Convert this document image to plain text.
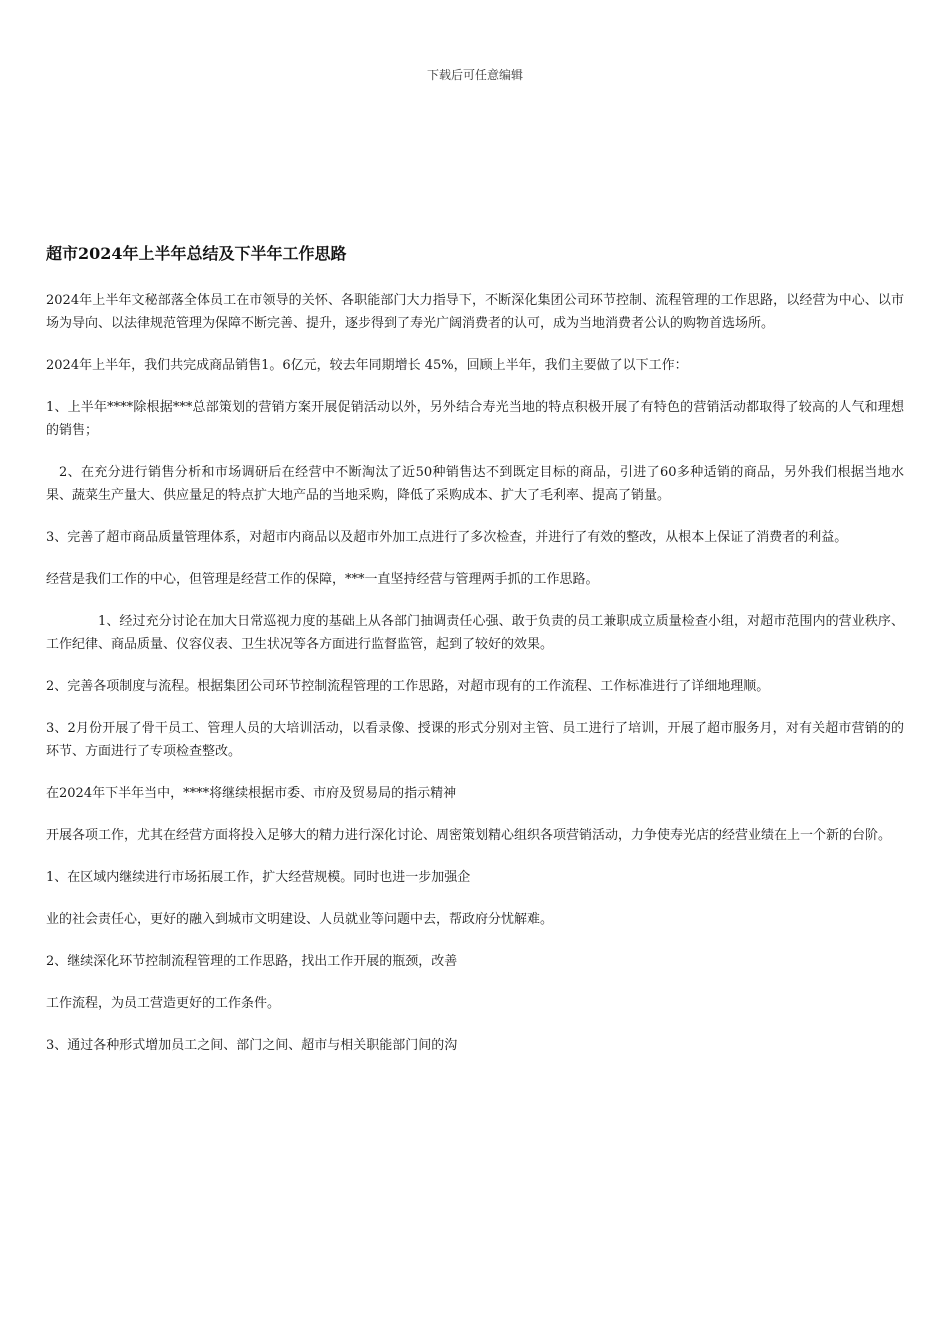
下载后可任意编辑
超市2024年上半年总结及下半年工作思路

2024年上半年文秘部落全体员工在市领导的关怀、各职能部门大力指导下，不断深化集团公司环节控制、流程管理的工作思路，以经营为中心、以市场为导向、以法律规范管理为保障不断完善、提升，逐步得到了寿光广阔消费者的认可，成为当地消费者公认的购物首选场所。

2024年上半年，我们共完成商品销售1。6亿元，较去年同期增长 45%，回顾上半年，我们主要做了以下工作：

1、上半年****除根据***总部策划的营销方案开展促销活动以外，另外结合寿光当地的特点积极开展了有特色的营销活动都取得了较高的人气和理想的销售；

2、在充分进行销售分析和市场调研后在经营中不断淘汰了近50种销售达不到既定目标的商品，引进了60多种适销的商品，另外我们根据当地水果、蔬菜生产量大、供应量足的特点扩大地产品的当地采购，降低了采购成本、扩大了毛利率、提高了销量。

3、完善了超市商品质量管理体系，对超市内商品以及超市外加工点进行了多次检查，并进行了有效的整改，从根本上保证了消费者的利益。

经营是我们工作的中心，但管理是经营工作的保障，***一直坚持经营与管理两手抓的工作思路。

1、经过充分讨论在加大日常巡视力度的基础上从各部门抽调责任心强、敢于负责的员工兼职成立质量检查小组，对超市范围内的营业秩序、工作纪律、商品质量、仪容仪表、卫生状况等各方面进行监督监管，起到了较好的效果。

2、完善各项制度与流程。根据集团公司环节控制流程管理的工作思路，对超市现有的工作流程、工作标准进行了详细地理顺。

3、2月份开展了骨干员工、管理人员的大培训活动，以看录像、授课的形式分别对主管、员工进行了培训，开展了超市服务月，对有关超市营销的的环节、方面进行了专项检查整改。

在2024年下半年当中，****将继续根据市委、市府及贸易局的指示精神

开展各项工作，尤其在经营方面将投入足够大的精力进行深化讨论、周密策划精心组织各项营销活动，力争使寿光店的经营业绩在上一个新的台阶。

1、在区域内继续进行市场拓展工作，扩大经营规模。同时也进一步加强企

业的社会责任心，更好的融入到城市文明建设、人员就业等问题中去，帮政府分忧解难。

2、继续深化环节控制流程管理的工作思路，找出工作开展的瓶颈，改善

工作流程，为员工营造更好的工作条件。

3、通过各种形式增加员工之间、部门之间、超市与相关职能部门间的沟
